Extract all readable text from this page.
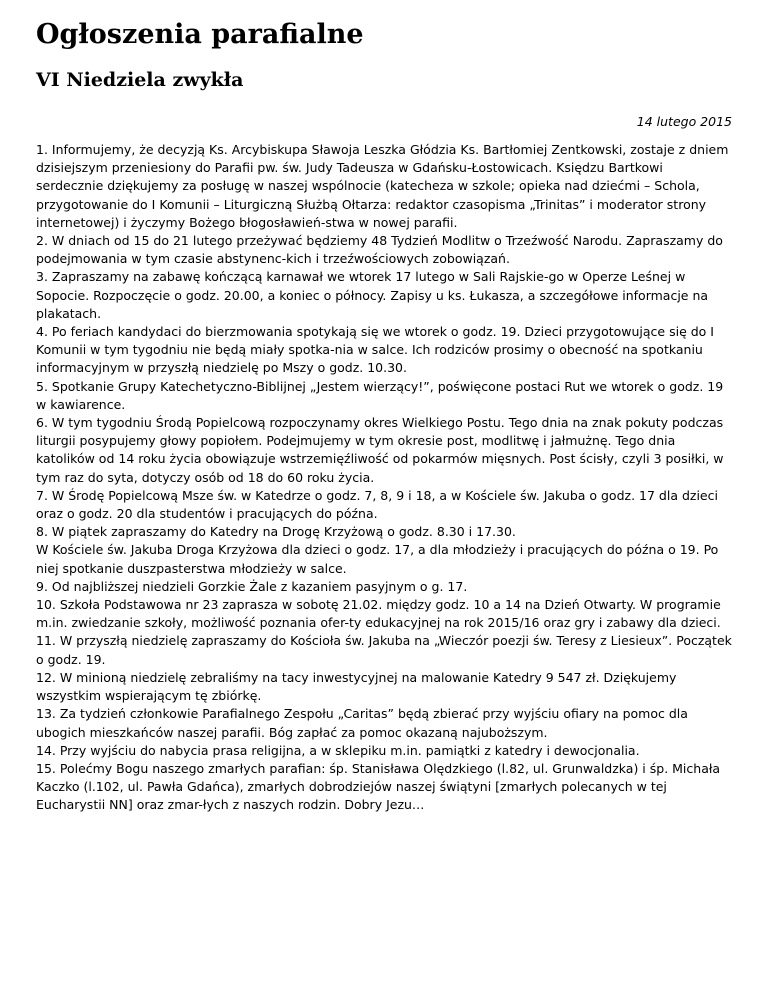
Ogłoszenia parafialne
VI Niedziela zwykła
14 lutego 2015
1. Informujemy, że decyzją Ks. Arcybiskupa Sławoja Leszka Głódzia Ks. Bartłomiej Zentkowski, zostaje z dniem dzisiejszym przeniesiony do Parafii pw. św. Judy Tadeusza w Gdańsku-Łostowicach. Księdzu Bartkowi serdecznie dziękujemy za posługę w naszej wspólnocie (katecheza w szkole; opieka nad dziećmi – Schola, przygotowanie do I Komunii – Liturgiczną Służbą Ołtarza: redaktor czasopisma „Trinitas” i moderator strony internetowej) i życzymy Bożego błogosławień-stwa w nowej parafii.
2. W dniach od 15 do 21 lutego przeżywać będziemy 48 Tydzień Modlitw o Trzeźwość Narodu. Zapraszamy do podejmowania w tym czasie abstynenc-kich i trzeźwościowych zobowiązań.
3. Zapraszamy na zabawę kończącą karnawał we wtorek 17 lutego w Sali Rajskie-go w Operze Leśnej w Sopocie. Rozpoczęcie o godz. 20.00, a koniec o północy. Zapisy u ks. Łukasza, a szczegółowe informacje na plakatach.
4. Po feriach kandydaci do bierzmowania spotykają się we wtorek o godz. 19. Dzieci przygotowujące się do I Komunii w tym tygodniu nie będą miały spotka-nia w salce. Ich rodziców prosimy o obecność na spotkaniu informacyjnym w przyszłą niedzielę po Mszy o godz. 10.30.
5. Spotkanie Grupy Katechetyczno-Biblijnej „Jestem wierzący!”, poświęcone postaci Rut we wtorek o godz. 19 w kawiarence.
6. W tym tygodniu Środą Popielcową rozpoczynamy okres Wielkiego Postu. Tego dnia na znak pokuty podczas liturgii posypujemy głowy popiołem. Podejmujemy w tym okresie post, modlitwę i jałmużnę. Tego dnia katolików od 14 roku życia obowiązuje wstrzemięźliwość od pokarmów mięsnych. Post ścisły, czyli 3 posiłki, w tym raz do syta, dotyczy osób od 18 do 60 roku życia.
7. W Środę Popielcową Msze św. w Katedrze o godz. 7, 8, 9 i 18, a w Kościele św. Jakuba o godz. 17 dla dzieci oraz o godz. 20 dla studentów i pracujących do późna.
8. W piątek zapraszamy do Katedry na Drogę Krzyżową o godz. 8.30 i 17.30.
W Kościele św. Jakuba Droga Krzyżowa dla dzieci o godz. 17, a dla młodzieży i pracujących do późna o 19. Po niej spotkanie duszpasterstwa młodzieży w salce.
9. Od najbliższej niedzieli Gorzkie Żale z kazaniem pasyjnym o g. 17.
10. Szkoła Podstawowa nr 23 zaprasza w sobotę 21.02. między godz. 10 a 14 na Dzień Otwarty. W programie m.in. zwiedzanie szkoły, możliwość poznania ofer-ty edukacyjnej na rok 2015/16 oraz gry i zabawy dla dzieci.
11. W przyszłą niedzielę zapraszamy do Kościoła św. Jakuba na „Wieczór poezji św. Teresy z Liesieux”. Początek o godz. 19.
12. W minioną niedzielę zebraliśmy na tacy inwestycyjnej na malowanie Katedry 9 547 zł. Dziękujemy wszystkim wspierającym tę zbiórkę.
13. Za tydzień członkowie Parafialnego Zespołu „Caritas” będą zbierać przy wyjściu ofiary na pomoc dla ubogich mieszkańców naszej parafii. Bóg zapłać za pomoc okazaną najuboższym.
14. Przy wyjściu do nabycia prasa religijna, a w sklepiku m.in. pamiątki z katedry i dewocjonalia.
15. Polećmy Bogu naszego zmarłych parafian: śp. Stanisława Olędzkiego (l.82, ul. Grunwaldzka) i śp. Michała Kaczko (l.102, ul. Pawła Gdańca), zmarłych dobrodziejów naszej świątyni [zmarłych polecanych w tej Eucharystii NN] oraz zmar-łych z naszych rodzin. Dobry Jezu…
